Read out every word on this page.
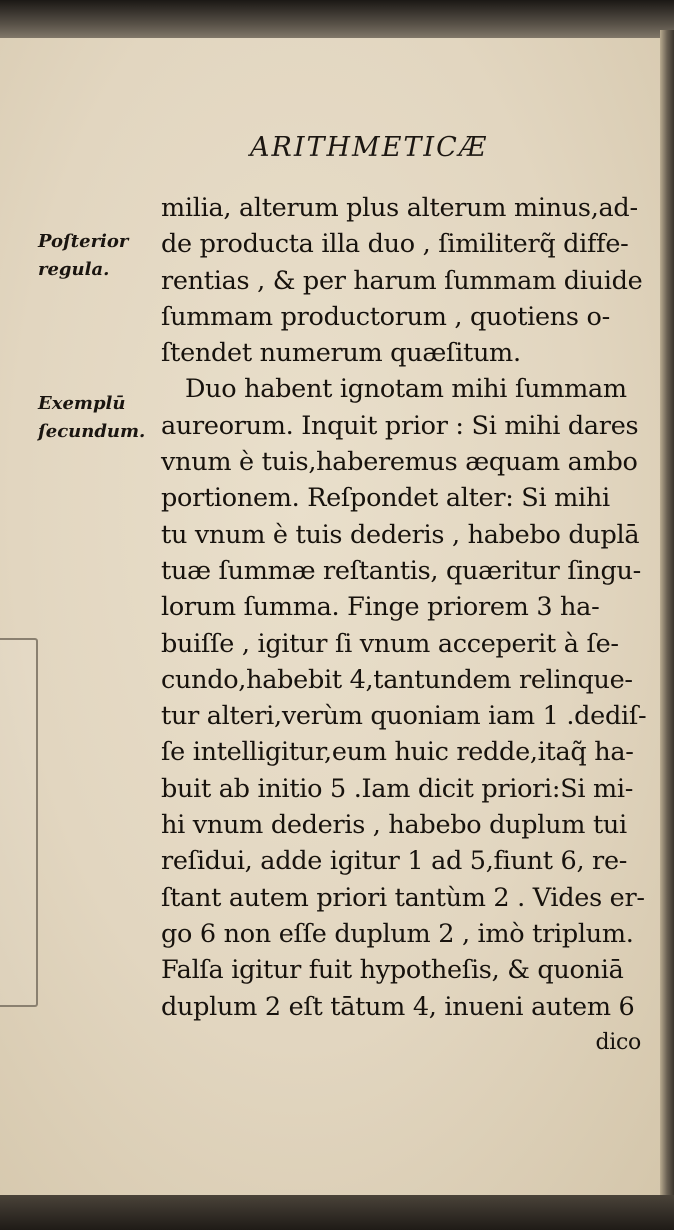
ARITHMETICÆ
Poſterior
regula.
Exemplū
ſecundum.
milia, alterum plus alterum minus,ad-
de producta illa duo , ſimiliterq̃ diffe-
rentias , & per harum ſummam diuide
ſummam productorum , quotiens o-
ſtendet numerum quæſitum.
Duo habent ignotam mihi ſummam
aureorum. Inquit prior : Si mihi dares
vnum è tuis,haberemus æquam ambo
portionem. Reſpondet alter: Si mihi
tu vnum è tuis dederis , habebo duplā
tuæ ſummæ reſtantis, quæritur ſingu-
lorum ſumma. Finge priorem 3 ha-
buiſſe , igitur ſi vnum acceperit à ſe-
cundo,habebit 4,tantundem relinque-
tur alteri,verùm quoniam iam 1 .dediſ-
ſe intelligitur,eum huic redde,itaq̃ ha-
buit ab initio 5 .Iam dicit priori:Si mi-
hi vnum dederis , habebo duplum tui
reſidui, adde igitur 1 ad 5,fiunt 6, re-
ſtant autem priori tantùm 2 . Vides er-
go 6 non eſſe duplum 2 , imò triplum.
Falſa igitur fuit hypotheſis, & quoniā
duplum 2 eſt tātum 4, inueni autem 6
dico
